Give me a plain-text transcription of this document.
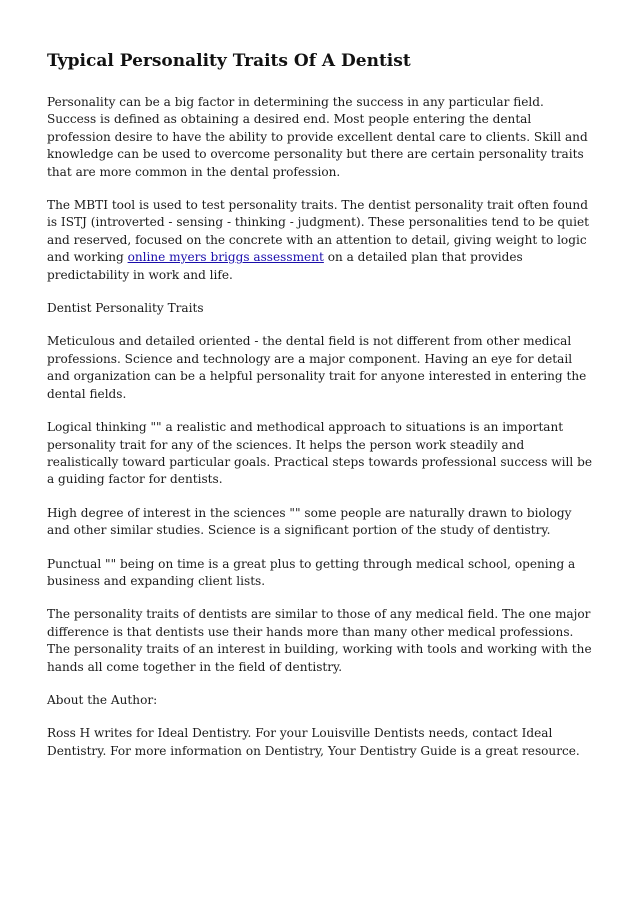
Typical Personality Traits Of A Dentist

Personality can be a big factor in determining the success in any particular field. Success is defined as obtaining a desired end. Most people entering the dental profession desire to have the ability to provide excellent dental care to clients. Skill and knowledge can be used to overcome personality but there are certain personality traits that are more common in the dental profession.

The MBTI tool is used to test personality traits. The dentist personality trait often found is ISTJ (introverted - sensing - thinking - judgment). These personalities tend to be quiet and reserved, focused on the concrete with an attention to detail, giving weight to logic and working online myers briggs assessment on a detailed plan that provides predictability in work and life.

Dentist Personality Traits

Meticulous and detailed oriented - the dental field is not different from other medical professions. Science and technology are a major component. Having an eye for detail and organization can be a helpful personality trait for anyone interested in entering the dental fields.

Logical thinking "" a realistic and methodical approach to situations is an important personality trait for any of the sciences. It helps the person work steadily and realistically toward particular goals. Practical steps towards professional success will be a guiding factor for dentists.

High degree of interest in the sciences "" some people are naturally drawn to biology and other similar studies. Science is a significant portion of the study of dentistry.

Punctual "" being on time is a great plus to getting through medical school, opening a business and expanding client lists.

The personality traits of dentists are similar to those of any medical field. The one major difference is that dentists use their hands more than many other medical professions. The personality traits of an interest in building, working with tools and working with the hands all come together in the field of dentistry.

About the Author:

Ross H writes for Ideal Dentistry. For your Louisville Dentists needs, contact Ideal Dentistry. For more information on Dentistry, Your Dentistry Guide is a great resource.
